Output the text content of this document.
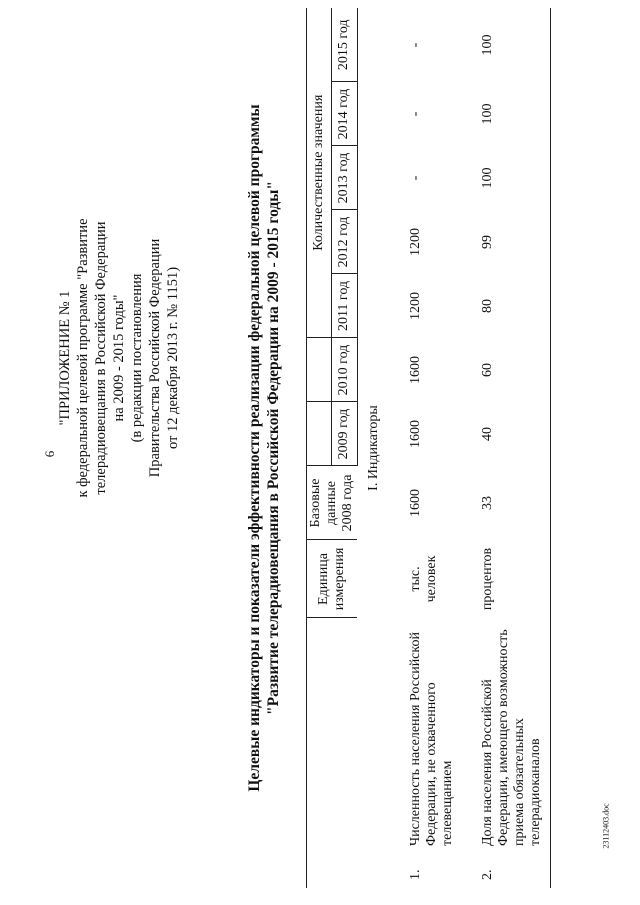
6
23112403.doc
"ПРИЛОЖЕНИЕ № 1 к федеральной целевой программе "Развитие телерадиовещания в Российской Федерации на 2009 - 2015 годы" (в редакции постановления Правительства Российской Федерации от 12 декабря 2013 г. № 1151)	Целевые индикаторы и показатели эффективности реализации федеральной целевой программы "Развитие телерадиовещания в Российской Федерации на 2009 - 2015 годы"
		Единица измерения	Базовые данные 2008 года			Количественные значения				
				2009 год	2010 год	2011 год	2012 год	2013 год	2014 год	2015 год
I. Индикаторы										
1.	Численность населения Российской Федерации, не охваченного телевещанием	тыс. человек	1600	1600	1600	1200	1200	-	-	-
2.	Доля населения Российской Федерации, имеющего возможность приема обязательных телерадиоканалов	процентов	33	40	60	80	99	100	100	100
